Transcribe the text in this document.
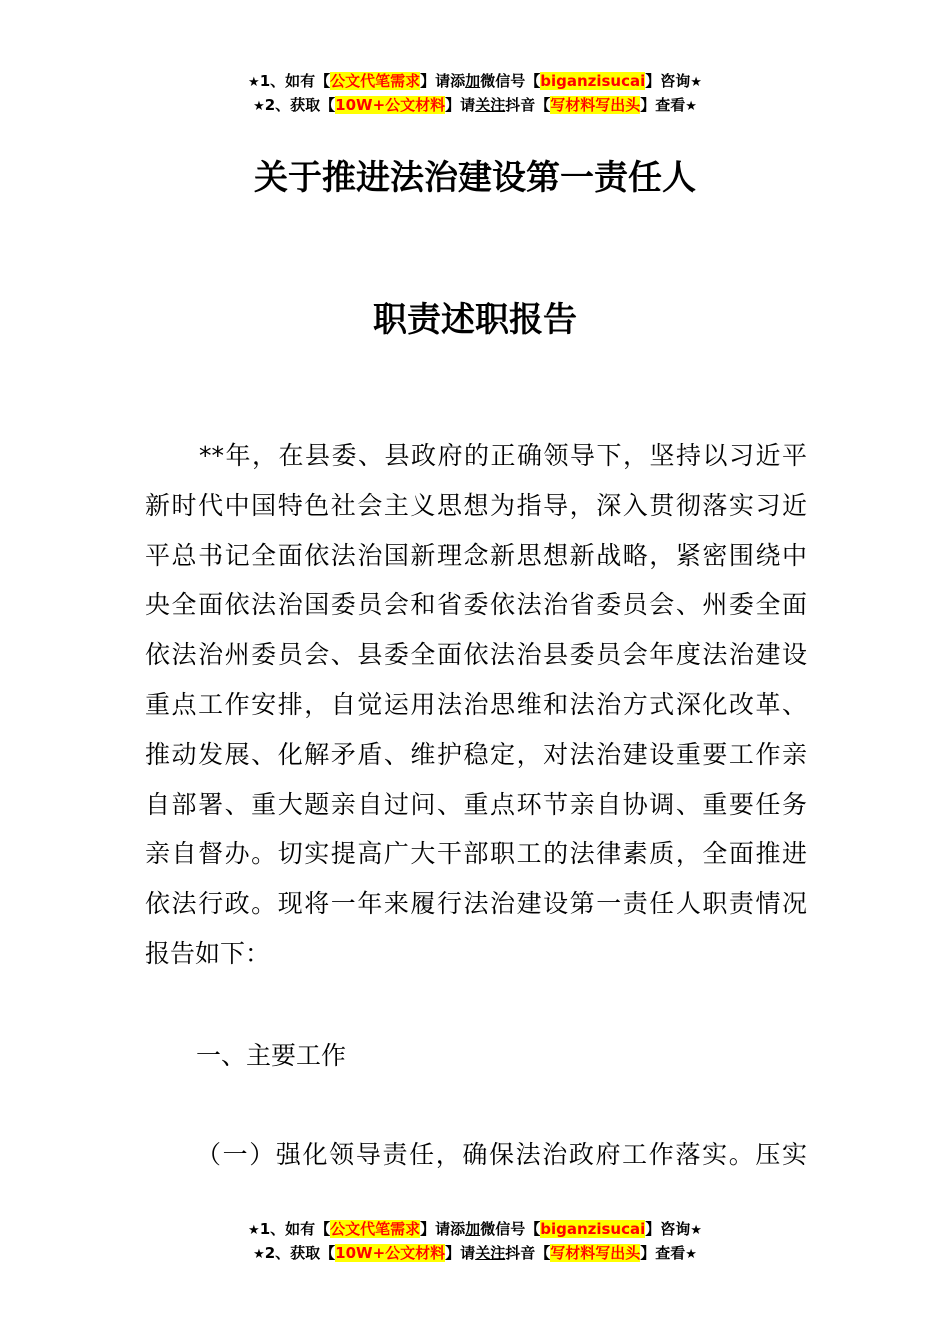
★1、如有【公文代笔需求】请添加微信号【biganzisucai】咨询★
★2、获取【10W+公文材料】请关注抖音【写材料写出头】查看★
关于推进法治建设第一责任人
职责述职报告
**年，在县委、县政府的正确领导下，坚持以习近平
新时代中国特色社会主义思想为指导，深入贯彻落实习近
平总书记全面依法治国新理念新思想新战略，紧密围绕中
央全面依法治国委员会和省委依法治省委员会、州委全面
依法治州委员会、县委全面依法治县委员会年度法治建设
重点工作安排，自觉运用法治思维和法治方式深化改革、
推动发展、化解矛盾、维护稳定，对法治建设重要工作亲
自部署、重大题亲自过问、重点环节亲自协调、重要任务
亲自督办。切实提高广大干部职工的法律素质，全面推进
依法行政。现将一年来履行法治建设第一责任人职责情况
报告如下：
一、主要工作
（一）强化领导责任，确保法治政府工作落实。压实
★1、如有【公文代笔需求】请添加微信号【biganzisucai】咨询★
★2、获取【10W+公文材料】请关注抖音【写材料写出头】查看★
